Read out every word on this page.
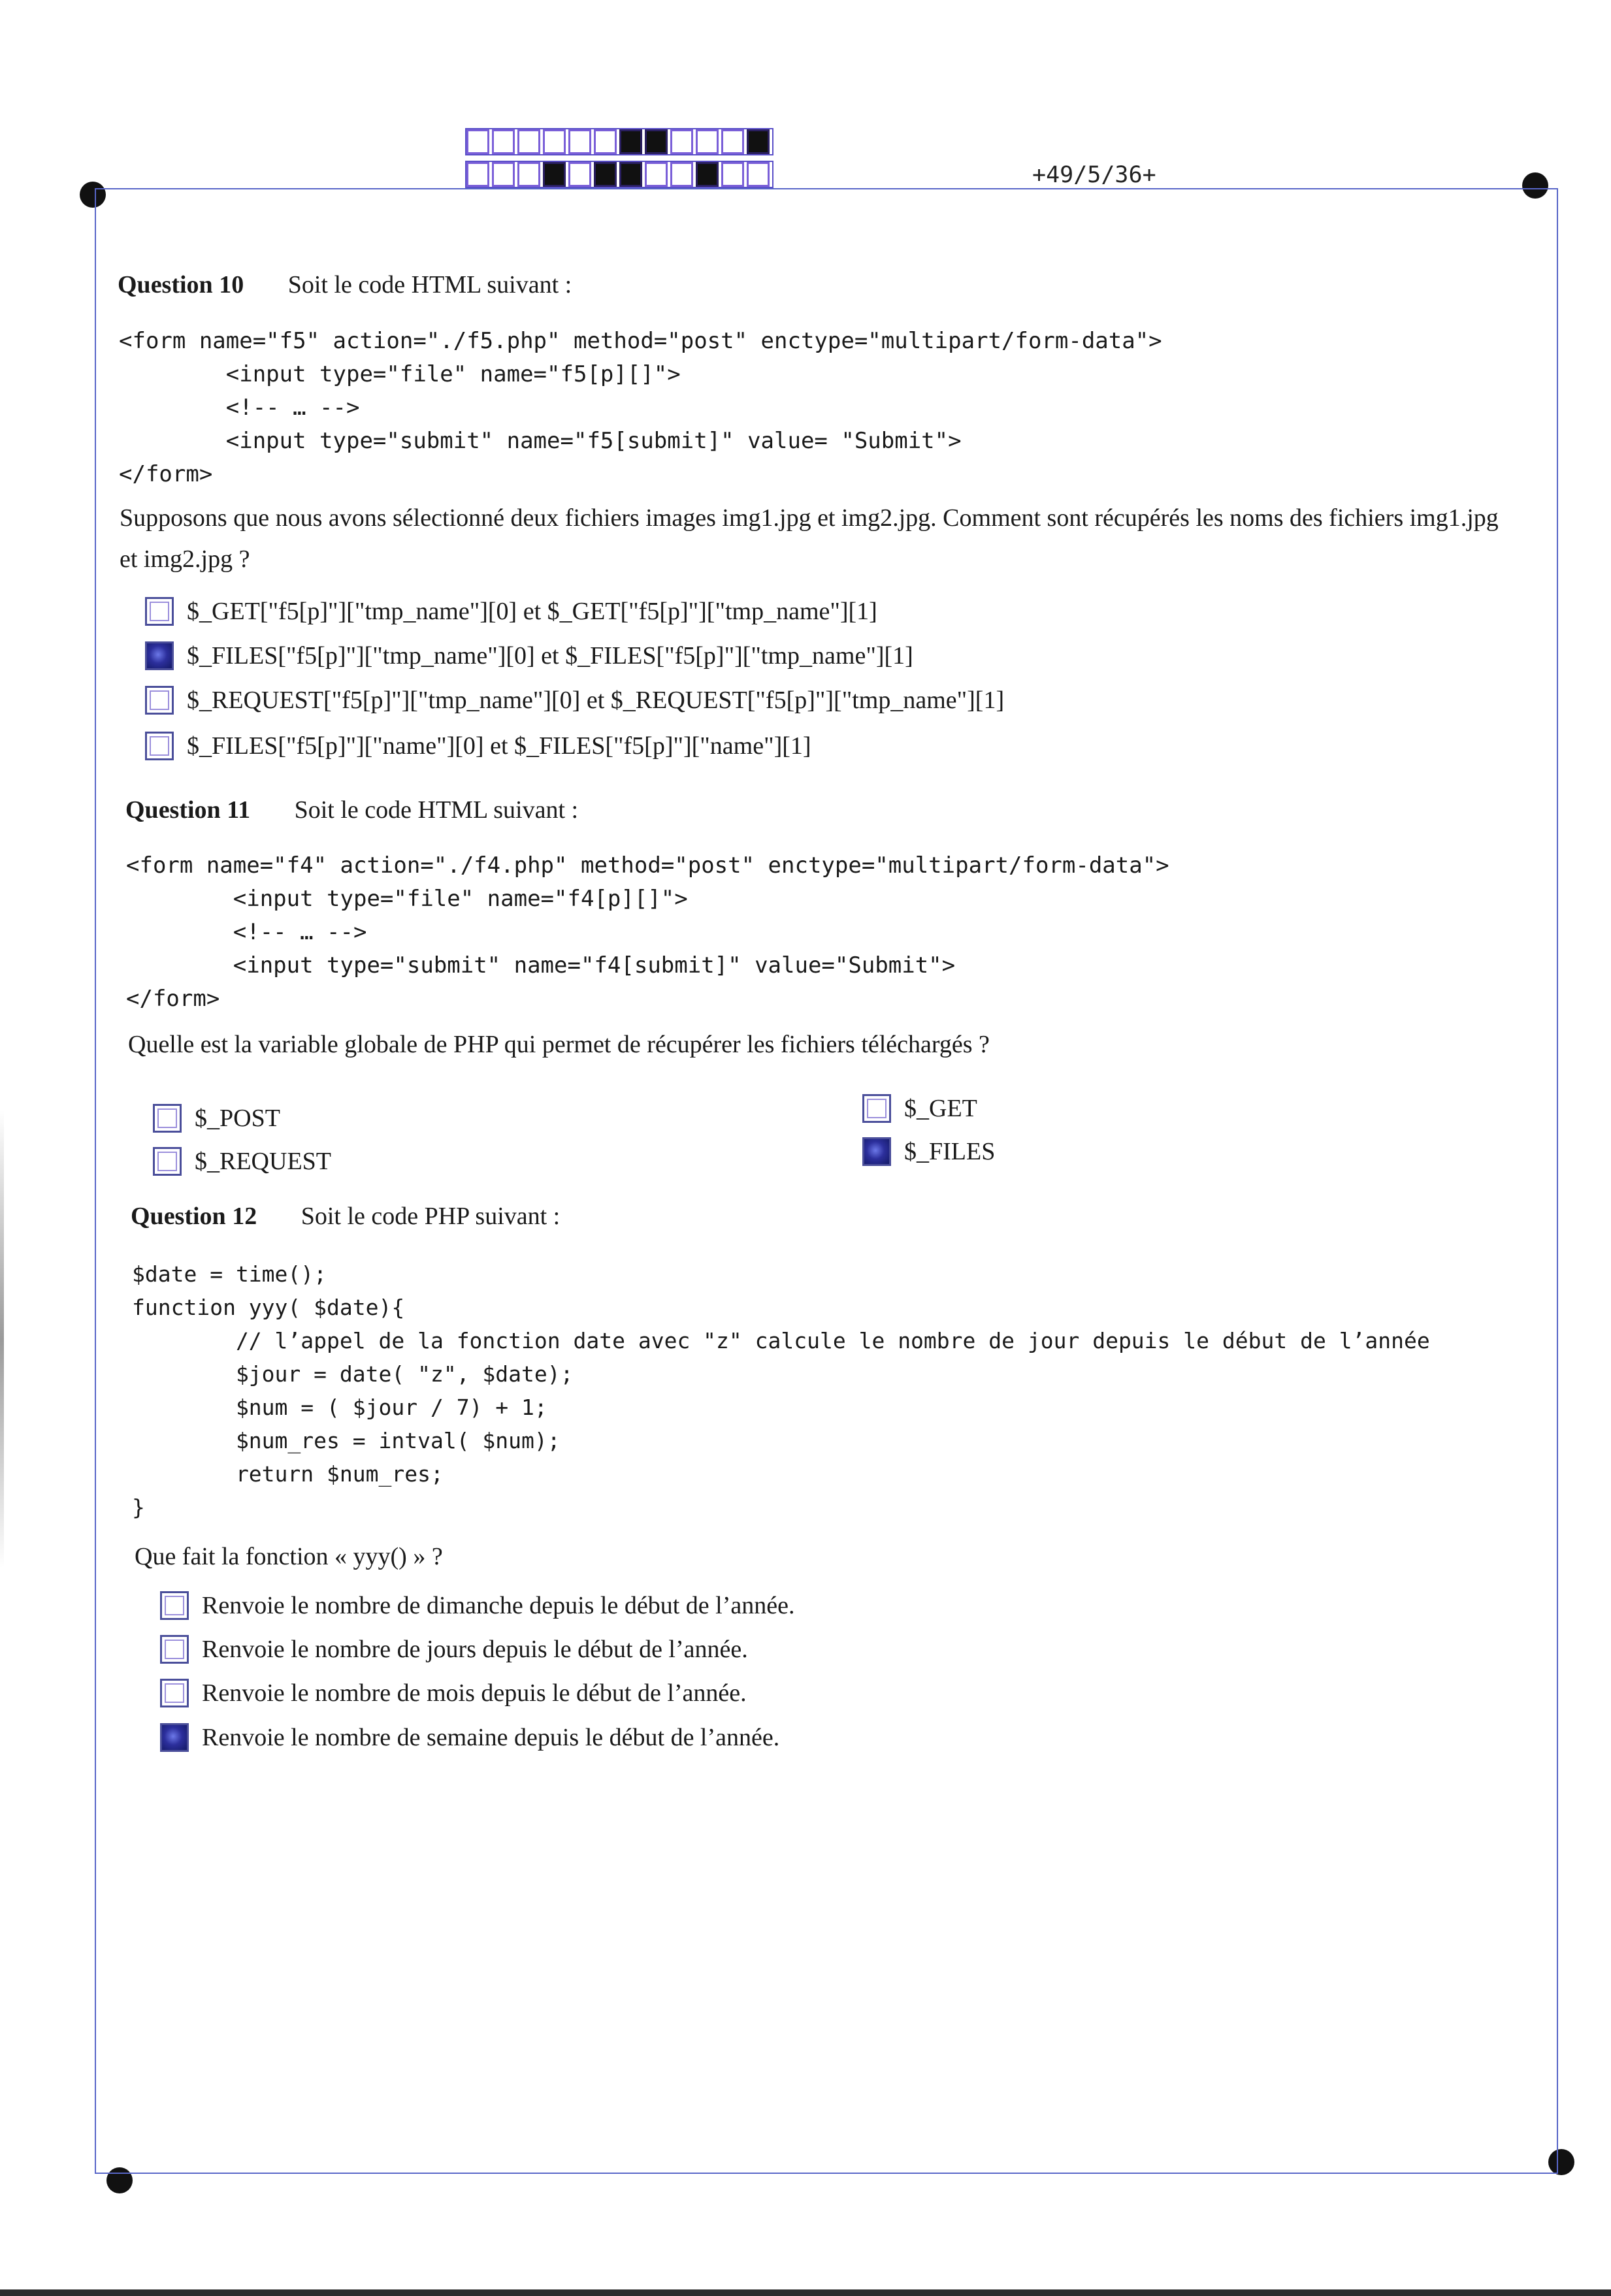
+49/5/36+
Question 10 Soit le code HTML suivant :
<form name="f5" action="./f5.php" method="post" enctype="multipart/form-data">
<input type="file" name="f5[p][]">
<!-- … -->
<input type="submit" name="f5[submit]" value= "Submit">
</form>
Supposons que nous avons sélectionné deux fichiers images img1.jpg et img2.jpg. Comment sont récupérés les noms des fichiers img1.jpg et img2.jpg ?
$_GET["f5[p]"]["tmp_name"][0] et $_GET["f5[p]"]["tmp_name"][1]
$_FILES["f5[p]"]["tmp_name"][0] et $_FILES["f5[p]"]["tmp_name"][1]
$_REQUEST["f5[p]"]["tmp_name"][0] et $_REQUEST["f5[p]"]["tmp_name"][1]
$_FILES["f5[p]"]["name"][0] et $_FILES["f5[p]"]["name"][1]
Question 11 Soit le code HTML suivant :
<form name="f4" action="./f4.php" method="post" enctype="multipart/form-data">
<input type="file" name="f4[p][]">
<!-- … -->
<input type="submit" name="f4[submit]" value="Submit">
</form>
Quelle est la variable globale de PHP qui permet de récupérer les fichiers téléchargés ?
$_POST
$_REQUEST
$_GET
$_FILES
Question 12 Soit le code PHP suivant :
$date = time();
function yyy( $date){
// l’appel de la fonction date avec "z" calcule le nombre de jour depuis le début de l’année
$jour = date( "z", $date);
$num = ( $jour / 7) + 1;
$num_res = intval( $num);
return $num_res;
}
Que fait la fonction « yyy() » ?
Renvoie le nombre de dimanche depuis le début de l’année.
Renvoie le nombre de jours depuis le début de l’année.
Renvoie le nombre de mois depuis le début de l’année.
Renvoie le nombre de semaine depuis le début de l’année.
